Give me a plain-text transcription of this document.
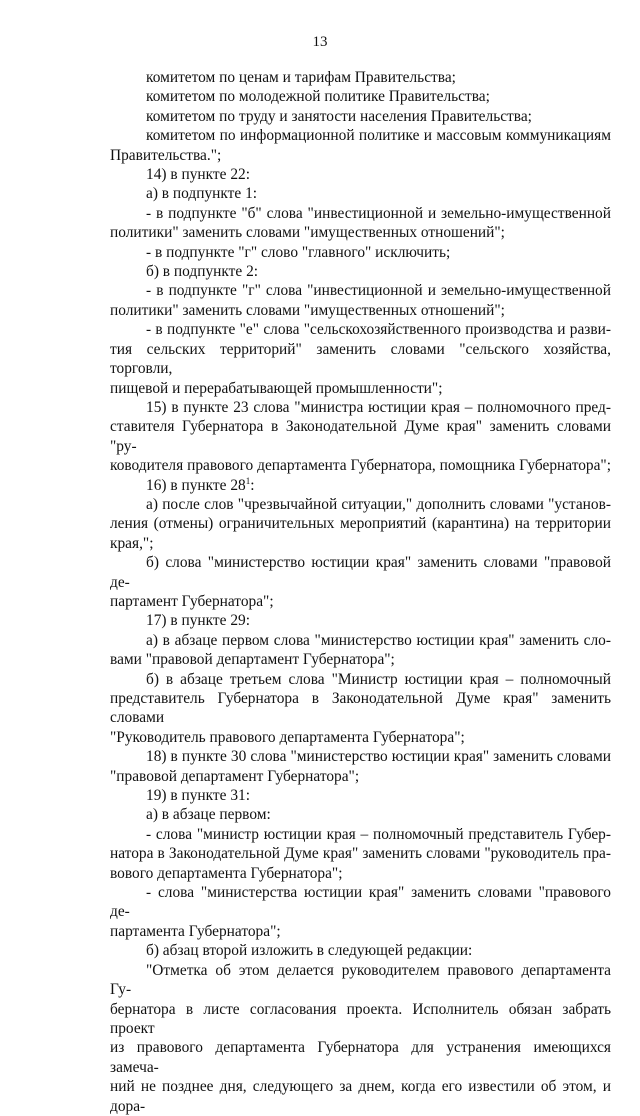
13

комитетом по ценам и тарифам Правительства;

комитетом по молодежной политике Правительства;

комитетом по труду и занятости населения Правительства;

комитетом по информационной политике и массовым коммуникациям

Правительства.";

14) в пункте 22:

а) в подпункте 1:

- в подпункте "б" слова "инвестиционной и земельно-имущественной

политики" заменить словами "имущественных отношений";

- в подпункте "г" слово "главного" исключить;

б) в подпункте 2:

- в подпункте "г" слова "инвестиционной и земельно-имущественной

политики" заменить словами "имущественных отношений";

- в подпункте "е" слова "сельскохозяйственного производства и разви-

тия сельских территорий" заменить словами "сельского хозяйства, торговли,

пищевой и перерабатывающей промышленности";

15) в пункте 23 слова "министра юстиции края – полномочного пред-

ставителя Губернатора в Законодательной Думе края" заменить словами "ру-

ководителя правового департамента Губернатора, помощника Губернатора";

16) в пункте $28^1$:

а) после слов "чрезвычайной ситуации," дополнить словами "установ-

ления (отмены) ограничительных мероприятий (карантина) на территории

края,";

б) слова "министерство юстиции края" заменить словами "правовой де-

партамент Губернатора";

17) в пункте 29:

а) в абзаце первом слова "министерство юстиции края" заменить сло-

вами "правовой департамент Губернатора";

б) в абзаце третьем слова "Министр юстиции края – полномочный

представитель Губернатора в Законодательной Думе края" заменить словами

"Руководитель правового департамента Губернатора";

18) в пункте 30 слова "министерство юстиции края" заменить словами

"правовой департамент Губернатора";

19) в пункте 31:

а) в абзаце первом:

- слова "министр юстиции края – полномочный представитель Губер-

натора в Законодательной Думе края" заменить словами "руководитель пра-

вового департамента Губернатора";

- слова "министерства юстиции края" заменить словами "правового де-

партамента Губернатора";

б) абзац второй изложить в следующей редакции:

"Отметка об этом делается руководителем правового департамента Гу-

бернатора в листе согласования проекта. Исполнитель обязан забрать проект

из правового департамента Губернатора для устранения имеющихся замеча-

ний не позднее дня, следующего за днем, когда его известили об этом, и дора-
